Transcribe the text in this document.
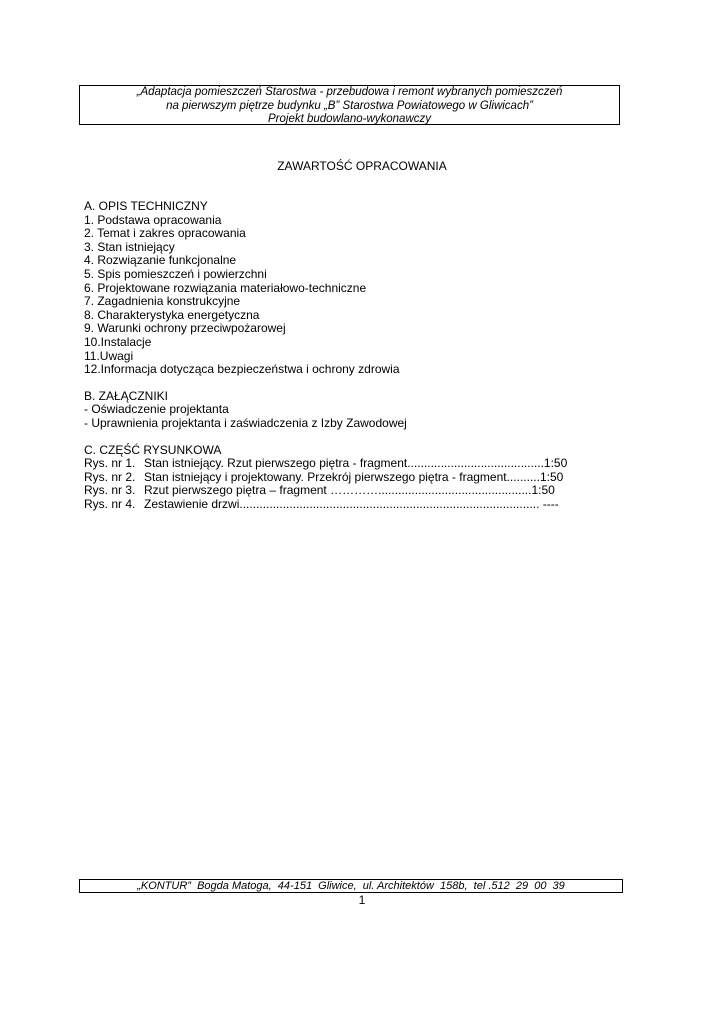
„Adaptacja pomieszczeń Starostwa - przebudowa i remont wybranych pomieszczeń
na pierwszym piętrze budynku „B” Starostwa Powiatowego w Gliwicach”
Projekt budowlano-wykonawczy
ZAWARTOŚĆ OPRACOWANIA
A. OPIS TECHNICZNY
1. Podstawa opracowania
2. Temat i zakres opracowania
3. Stan istniejący
4. Rozwiązanie funkcjonalne
5. Spis pomieszczeń i powierzchni
6. Projektowane rozwiązania materiałowo-techniczne
7. Zagadnienia konstrukcyjne
8. Charakterystyka energetyczna
9. Warunki ochrony przeciwpożarowej
10.Instalacje
11.Uwagi
12.Informacja dotycząca bezpieczeństwa i ochrony zdrowia
B. ZAŁĄCZNIKI
- Oświadczenie projektanta
- Uprawnienia projektanta i zaświadczenia z Izby Zawodowej
C. CZĘŚĆ RYSUNKOWA
Rys. nr 1. Stan istniejący. Rzut pierwszego piętra - fragment.........................................1:50
Rys. nr 2. Stan istniejący i projektowany. Przekrój pierwszego piętra - fragment..........1:50
Rys. nr 3. Rzut pierwszego piętra – fragment …………..............................................1:50
Rys. nr 4. Zestawienie drzwi.......................................................................................... ----
„KONTUR”  Bogda Matoga,  44-151  Gliwice,  ul. Architektów  158b,  tel .512  29  00  39
1
